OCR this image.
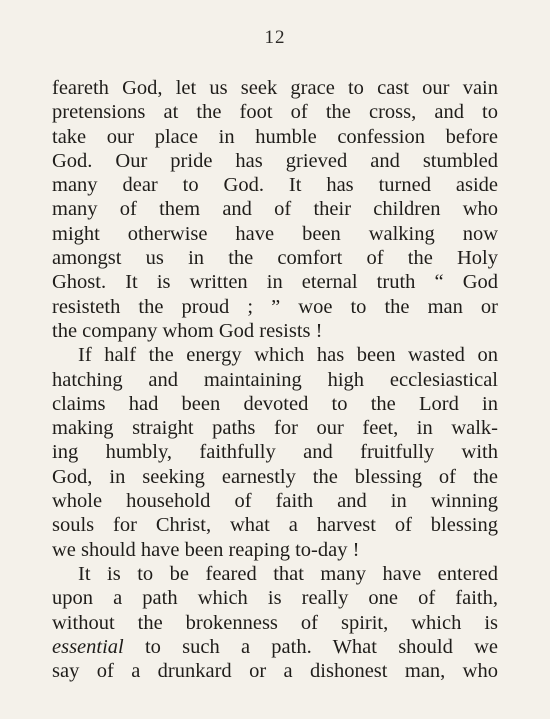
12
feareth God, let us seek grace to cast our vain
pretensions at the foot of the cross, and to
take our place in humble confession before
God. Our pride has grieved and stumbled
many dear to God. It has turned aside
many of them and of their children who
might otherwise have been walking now
amongst us in the comfort of the Holy
Ghost. It is written in eternal truth “ God
resisteth the proud ; ” woe to the man or
the company whom God resists !
If half the energy which has been wasted on
hatching and maintaining high ecclesiastical
claims had been devoted to the Lord in
making straight paths for our feet, in walk-
ing humbly, faithfully and fruitfully with
God, in seeking earnestly the blessing of the
whole household of faith and in winning
souls for Christ, what a harvest of blessing
we should have been reaping to-day !
It is to be feared that many have entered
upon a path which is really one of faith,
without the brokenness of spirit, which is
essential to such a path. What should we
say of a drunkard or a dishonest man, who
